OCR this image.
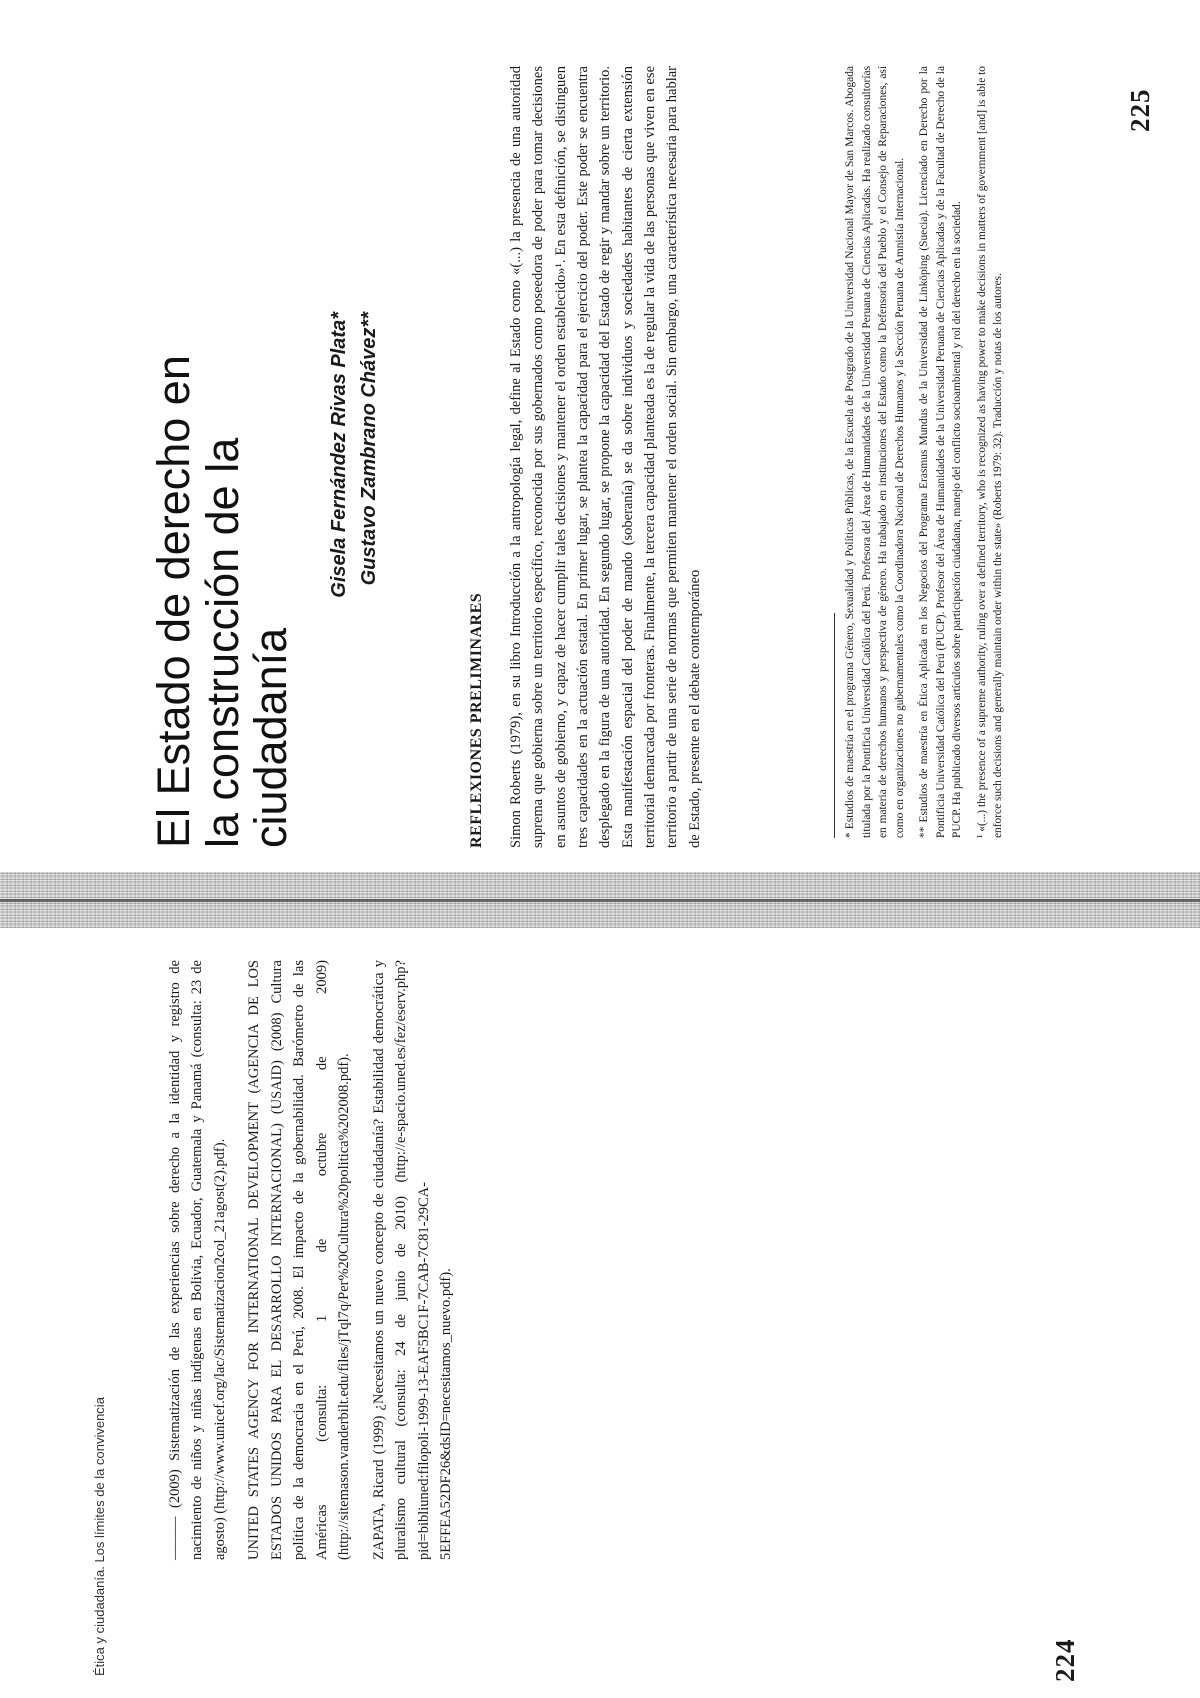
Ética y ciudadanía. Los límites de la convivencia	——— (2009) Sistematización de las experiencias sobre derecho a la identidad y registro de nacimiento de niños y niñas indígenas en Bolivia, Ecuador, Guatemala y Panamá (consulta: 23 de agosto) (http://www.unicef.org/lac/Sistematizacion2col_21agost(2).pdf). UNITED STATES AGENCY FOR INTERNATIONAL DEVELOPMENT (AGENCIA DE LOS ESTADOS UNIDOS PARA EL DESARROLLO INTERNACIONAL) (USAID) (2008) Cultura política de la democracia en el Perú, 2008. El impacto de la gobernabilidad. Barómetro de las Américas (consulta: 1 de octubre de 2009) (http://sitemason.vanderbilt.edu/files/jTql7q/Per%20Cultura%20politica%202008.pdf). ZAPATA, Ricard (1999) ¿Necesitamos un nuevo concepto de ciudadanía? Estabilidad democrática y pluralismo cultural (consulta: 24 de junio de 2010) (http://e-spacio.uned.es/fez/eserv.php?pid=bibliuned:filopoli-1999-13-EAF5BC1F-7CAB-7C81-29CA-5EFFEA52DF26&dsID=necesitamos_nuevo.pdf).

224
El Estado de derecho en la construcción de la ciudadanía
Gisela Fernández Rivas Plata* Gustavo Zambrano Chávez**
REFLEXIONES PRELIMINARES Simon Roberts (1979), en su libro Introducción a la antropología legal, define al Estado como «(...) la presencia de una autoridad suprema que gobierna sobre un territorio específico, reconocida por sus gobernados como poseedora de poder para tomar decisiones en asuntos de gobierno, y capaz de hacer cumplir tales decisiones y mantener el orden establecido»¹. En esta definición, se distinguen tres capacidades en la actuación estatal. En primer lugar, se plantea la capacidad para el ejercicio del poder. Este poder se encuentra desplegado en la figura de una autoridad. En segundo lugar, se propone la capacidad del Estado de regir y mandar sobre un territorio. Esta manifestación espacial del poder de mando (soberanía) se da sobre individuos y sociedades habitantes de cierta extensión territorial demarcada por fronteras. Finalmente, la tercera capacidad planteada es la de regular la vida de las personas que viven en ese territorio a partir de una serie de normas que permiten mantener el orden social. Sin embargo, una característica necesaria para hablar de Estado, presente en el debate contemporáneo	* Estudios de maestría en el programa Género, Sexualidad y Políticas Públicas, de la Escuela de Postgrado de la Universidad Nacional Mayor de San Marcos. Abogada titulada por la Pontificia Universidad Católica del Perú. Profesora del Área de Humanidades de la Universidad Peruana de Ciencias Aplicadas. Ha realizado consultorías en materia de derechos humanos y perspectiva de género. Ha trabajado en instituciones del Estado como la Defensoría del Pueblo y el Consejo de Reparaciones, así como en organizaciones no gubernamentales como la Coordinadora Nacional de Derechos Humanos y la Sección Peruana de Amnistía Internacional. ** Estudios de maestría en Ética Aplicada en los Negocios del Programa Erasmus Mundus de la Universidad de Linköping (Suecia). Licenciado en Derecho por la Pontificia Universidad Católica del Perú (PUCP). Profesor del Área de Humanidades de la Universidad Peruana de Ciencias Aplicadas y de la Facultad de Derecho de la PUCP. Ha publicado diversos artículos sobre participación ciudadana, manejo del conflicto socioambiental y rol del derecho en la sociedad. ¹ «(...) the presence of a supreme authority, ruling over a defined territory, who is recognized as having power to make decisions in matters of government [and] is able to enforce such decisions and generally maintain order within the state» (Roberts 1979: 32). Traducción y notas de los autores.

225
